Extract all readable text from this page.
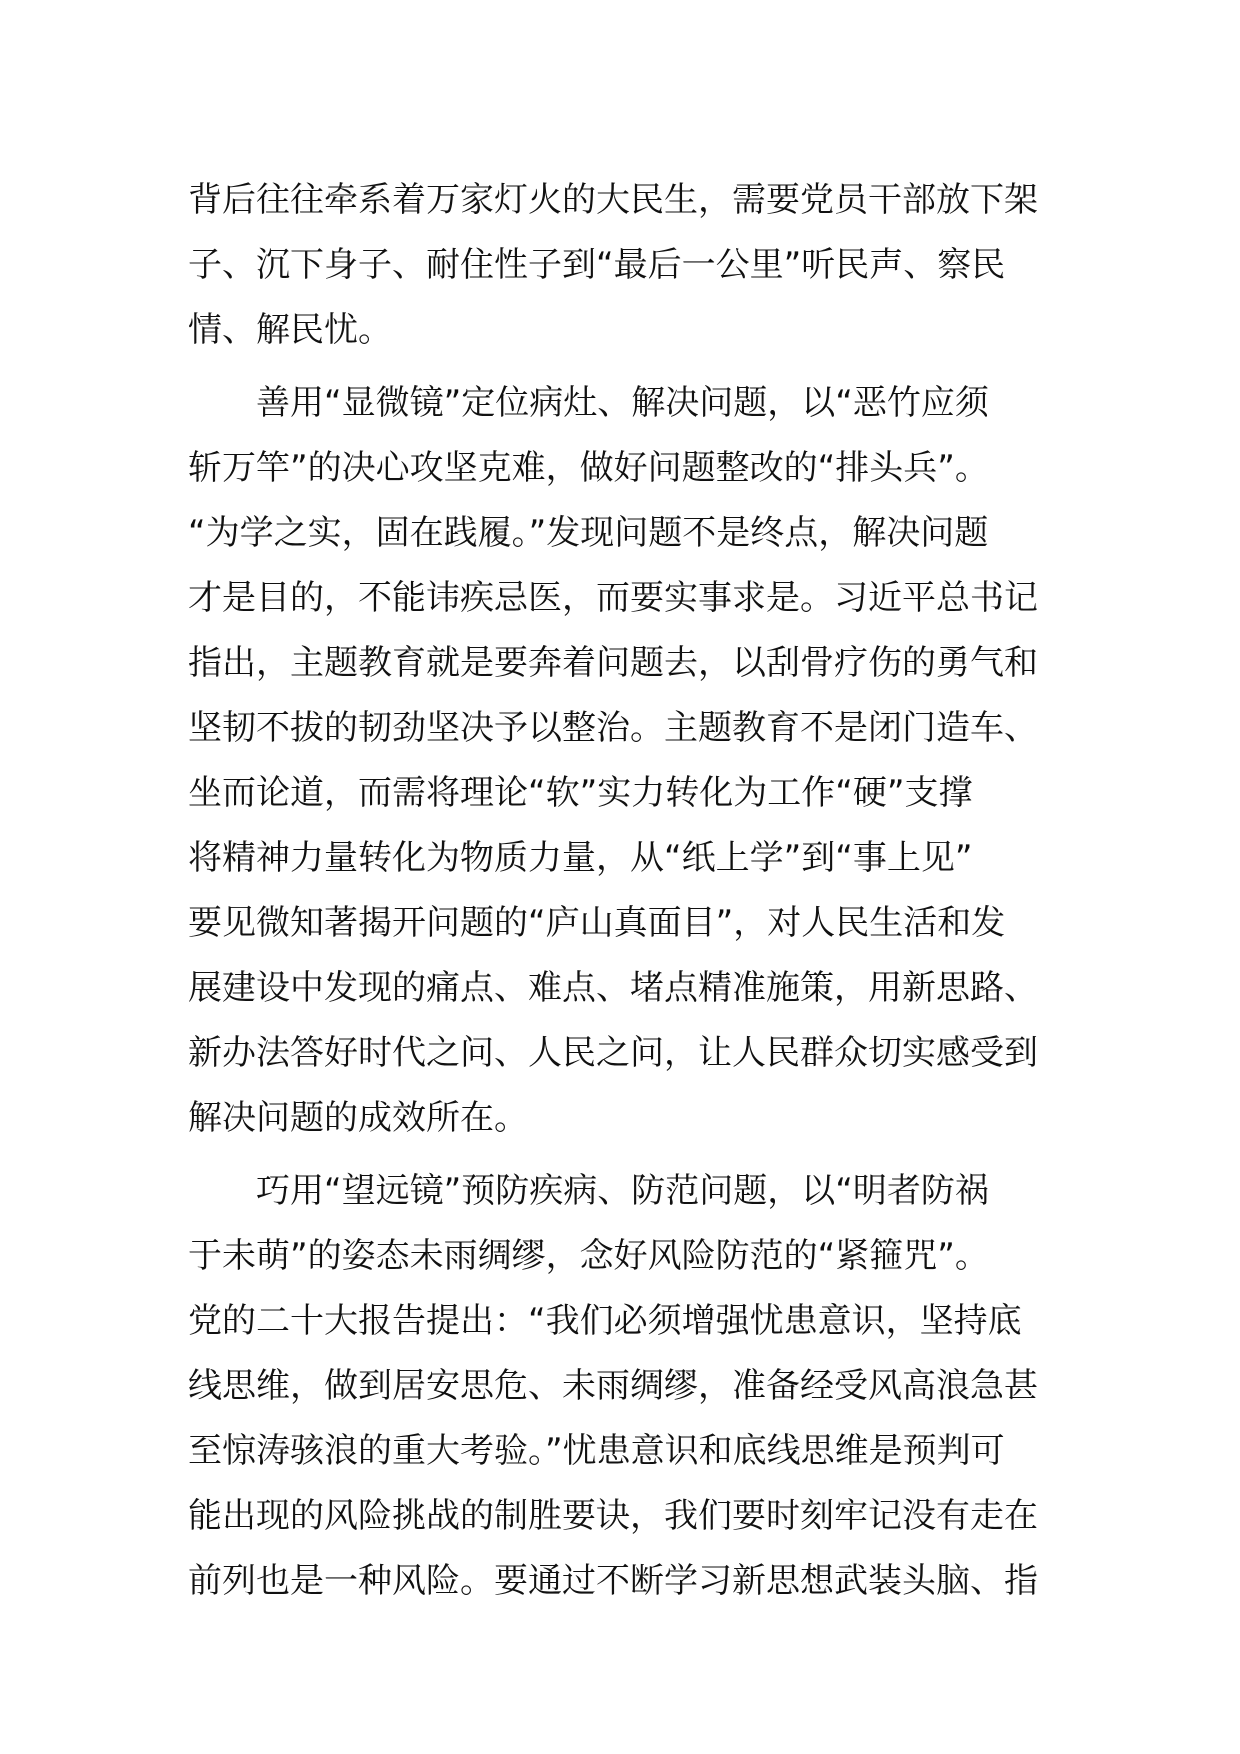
背后往往牵系着万家灯火的大民生，需要党员干部放下架
子、沉下身子、耐住性子到“最后一公里”听民声、察民
情、解民忧。
善用“显微镜”定位病灶、解决问题，以“恶竹应须
斩万竿”的决心攻坚克难，做好问题整改的“排头兵”。
“为学之实，固在践履。”发现问题不是终点，解决问题
才是目的，不能讳疾忌医，而要实事求是。习近平总书记
指出，主题教育就是要奔着问题去，以刮骨疗伤的勇气和
坚韧不拔的韧劲坚决予以整治。主题教育不是闭门造车、
坐而论道，而需将理论“软”实力转化为工作“硬”支撑
将精神力量转化为物质力量，从“纸上学”到“事上见”
要见微知著揭开问题的“庐山真面目”，对人民生活和发
展建设中发现的痛点、难点、堵点精准施策，用新思路、
新办法答好时代之问、人民之问，让人民群众切实感受到
解决问题的成效所在。
巧用“望远镜”预防疾病、防范问题，以“明者防祸
于未萌”的姿态未雨绸缪，念好风险防范的“紧箍咒”。
党的二十大报告提出：“我们必须增强忧患意识，坚持底
线思维，做到居安思危、未雨绸缪，准备经受风高浪急甚
至惊涛骇浪的重大考验。”忧患意识和底线思维是预判可
能出现的风险挑战的制胜要诀，我们要时刻牢记没有走在
前列也是一种风险。要通过不断学习新思想武装头脑、指
